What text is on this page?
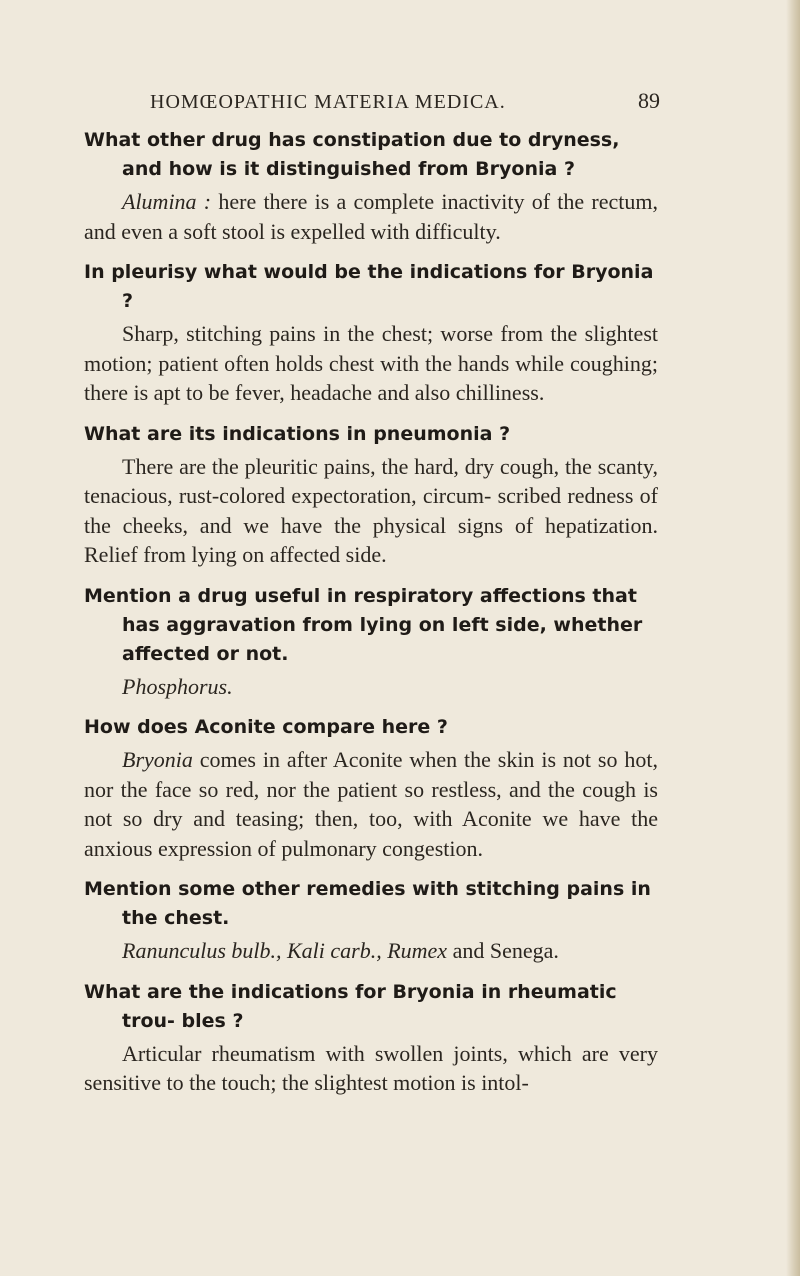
HOMŒOPATHIC MATERIA MEDICA.	89

What other drug has constipation due to dryness, and how is it distinguished from Bryonia ?

Alumina : here there is a complete inactivity of the rectum, and even a soft stool is expelled with difficulty.

In pleurisy what would be the indications for Bryonia ?

Sharp, stitching pains in the chest; worse from the slightest motion; patient often holds chest with the hands while coughing; there is apt to be fever, headache and also chilliness.

What are its indications in pneumonia ?

There are the pleuritic pains, the hard, dry cough, the scanty, tenacious, rust-colored expectoration, circum- scribed redness of the cheeks, and we have the physical signs of hepatization. Relief from lying on affected side.

Mention a drug useful in respiratory affections that has aggravation from lying on left side, whether affected or not.

Phosphorus.

How does Aconite compare here ?

Bryonia comes in after Aconite when the skin is not so hot, nor the face so red, nor the patient so restless, and the cough is not so dry and teasing; then, too, with Aconite we have the anxious expression of pulmonary congestion.

Mention some other remedies with stitching pains in the chest.

Ranunculus bulb., Kali carb., Rumex and Senega.

What are the indications for Bryonia in rheumatic trou- bles ?

Articular rheumatism with swollen joints, which are very sensitive to the touch; the slightest motion is intol-
